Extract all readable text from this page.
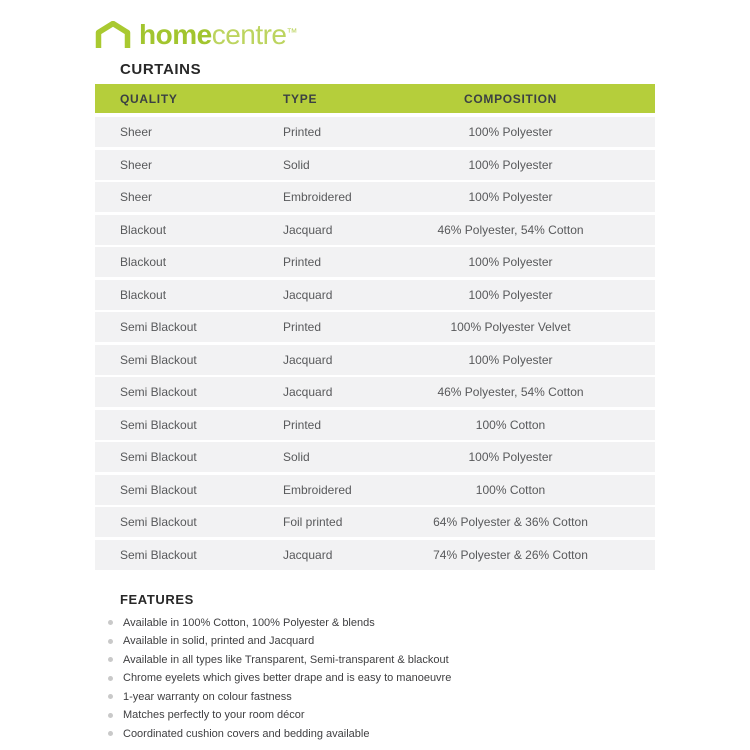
homecentre™
CURTAINS
QUALITY	TYPE	COMPOSITION
Sheer	Printed	100% Polyester
Sheer	Solid	100% Polyester
Sheer	Embroidered	100% Polyester
Blackout	Jacquard	46% Polyester, 54% Cotton
Blackout	Printed	100% Polyester
Blackout	Jacquard	100% Polyester
Semi Blackout	Printed	100% Polyester Velvet
Semi Blackout	Jacquard	100% Polyester
Semi Blackout	Jacquard	46% Polyester, 54% Cotton
Semi Blackout	Printed	100% Cotton
Semi Blackout	Solid	100% Polyester
Semi Blackout	Embroidered	100% Cotton
Semi Blackout	Foil printed	64% Polyester & 36% Cotton
Semi Blackout	Jacquard	74% Polyester & 26% Cotton
FEATURES
Available in 100% Cotton, 100% Polyester & blends
Available in solid, printed and Jacquard
Available in all types like Transparent, Semi-transparent & blackout
Chrome eyelets which gives better drape and is easy to manoeuvre
1-year warranty on colour fastness
Matches perfectly to your room décor
Coordinated cushion covers and bedding available
